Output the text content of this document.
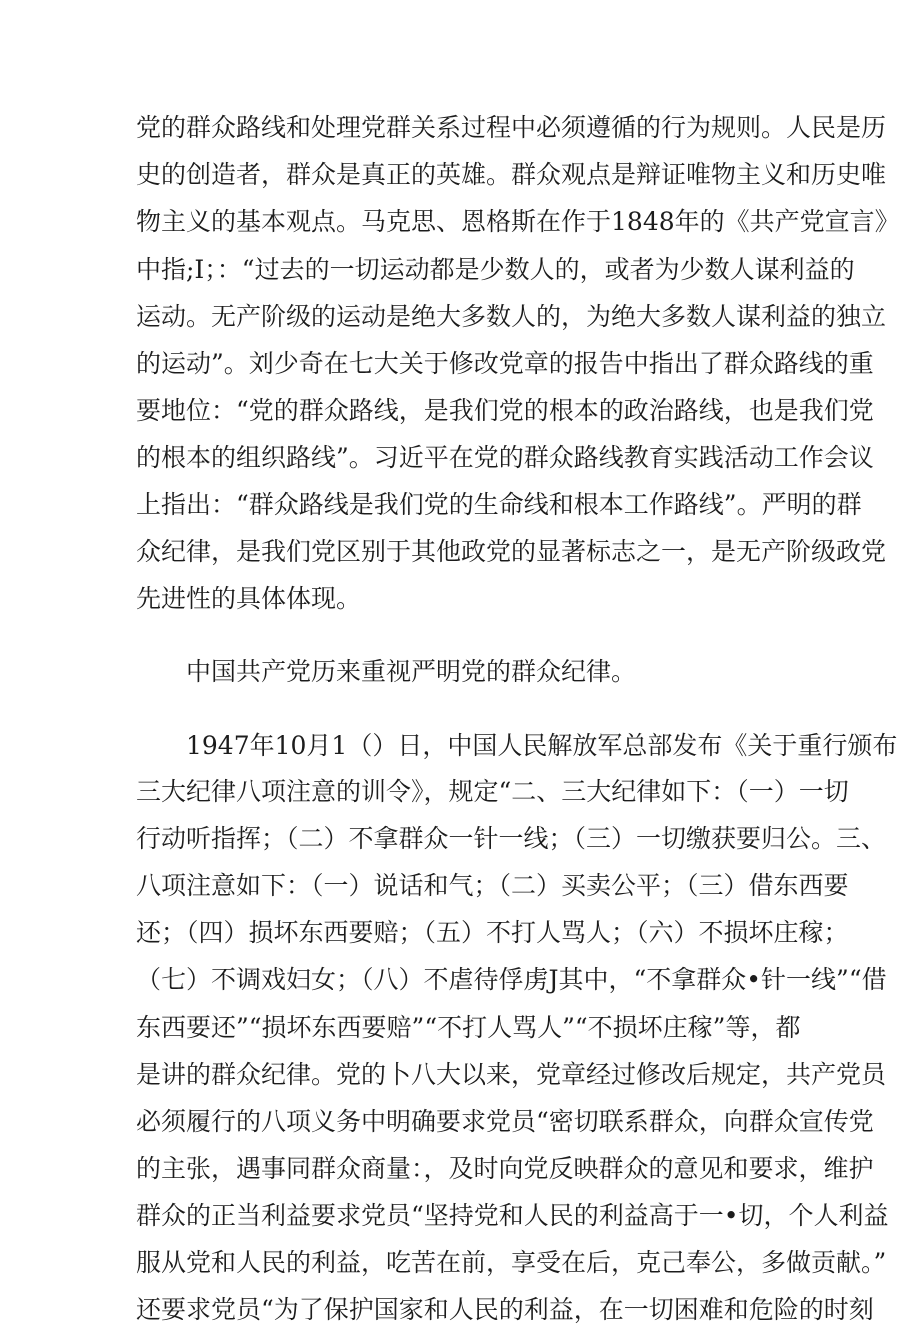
党的群众路线和处理党群关系过程中必须遵循的行为规则。人民是历

史的创造者，群众是真正的英雄。群众观点是辩证唯物主义和历史唯

物主义的基本观点。马克思、恩格斯在作于1848年的《共产党宣言》

中指;I；：“过去的一切运动都是少数人的，或者为少数人谋利益的

运动。无产阶级的运动是绝大多数人的，为绝大多数人谋利益的独立

的运动”。刘少奇在七大关于修改党章的报告中指出了群众路线的重

要地位：“党的群众路线，是我们党的根本的政治路线，也是我们党

的根本的组织路线”。习近平在党的群众路线教育实践活动工作会议

上指出：“群众路线是我们党的生命线和根本工作路线”。严明的群

众纪律，是我们党区别于其他政党的显著标志之一，是无产阶级政党

先进性的具体体现。

中国共产党历来重视严明党的群众纪律。

1947年10月1（）日，中国人民解放军总部发布《关于重行颁布

三大纪律八项注意的训令》，规定“二、三大纪律如下：（一）一切

行动听指挥；（二）不拿群众一针一线；（三）一切缴获要归公。三、

八项注意如下：（一）说话和气；（二）买卖公平；（三）借东西要

还；（四）损坏东西要赔；（五）不打人骂人；（六）不损坏庄稼；

（七）不调戏妇女；（八）不虐待俘虏J其中，“不拿群众•针一线”“借

东西要还”“损坏东西要赔”“不打人骂人”“不损坏庄稼”等，都

是讲的群众纪律。党的卜八大以来，党章经过修改后规定，共产党员

必须履行的八项义务中明确要求党员“密切联系群众，向群众宣传党

的主张，遇事同群众商量：，及时向党反映群众的意见和要求，维护

群众的正当利益要求党员“坚持党和人民的利益高于一•切，个人利益

服从党和人民的利益，吃苦在前，享受在后，克己奉公，多做贡献。”

还要求党员“为了保护国家和人民的利益，在一切困难和危险的时刻
